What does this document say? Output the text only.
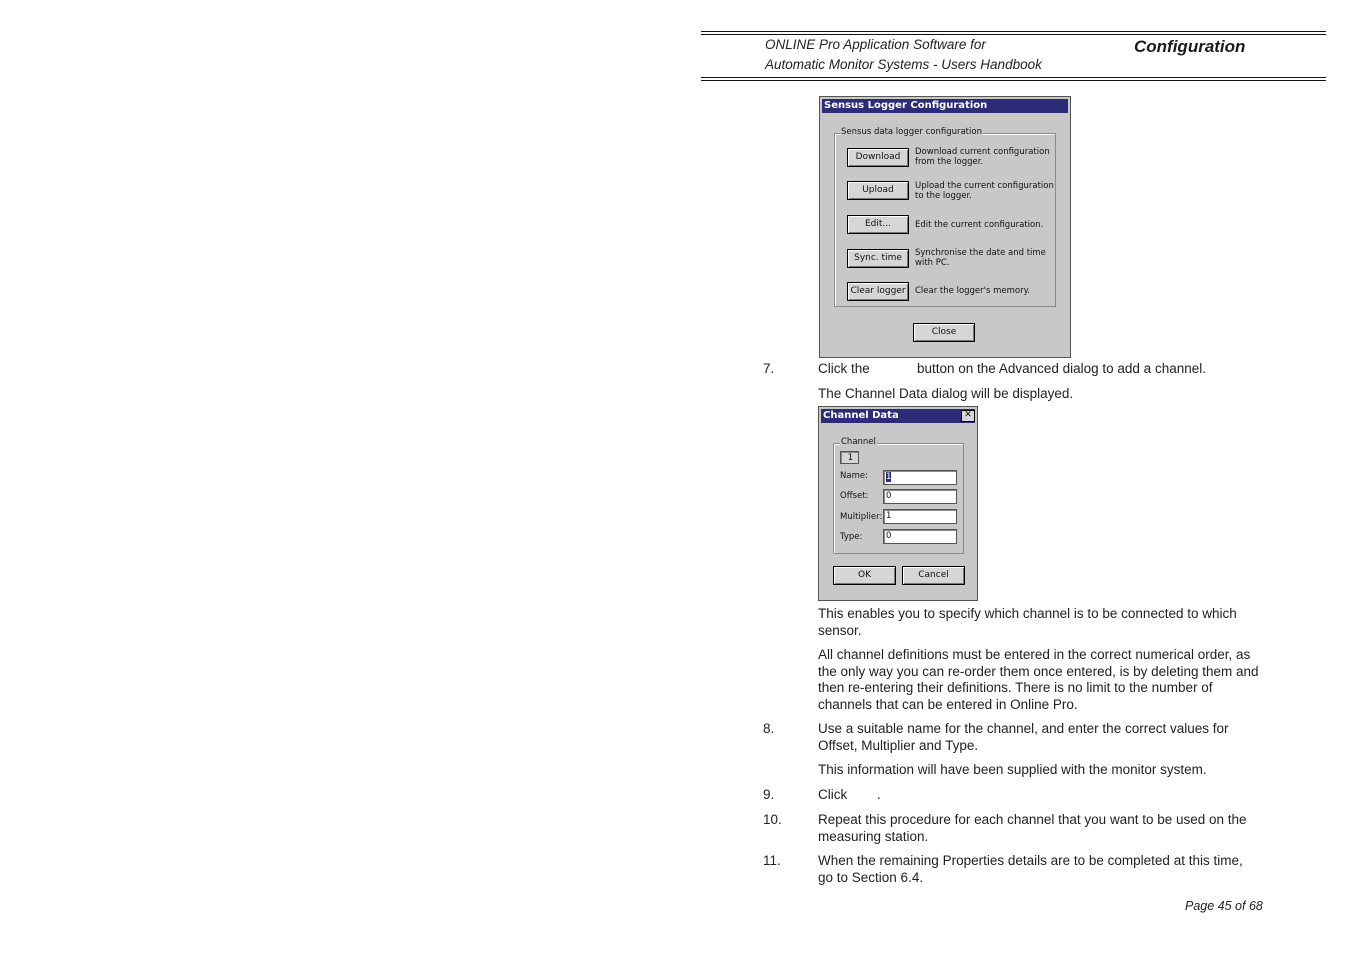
ONLINE Pro Application Software for
Automatic Monitor Systems - Users Handbook
Configuration
Sensus Logger Configuration
Sensus data logger configuration
Download	Download current configuration
from the logger.
Upload	Upload the current configuration
to the logger.
Edit...	Edit the current configuration.
Sync. time	Synchronise the date and time
with PC.
Clear logger	Clear the logger's memory.
Close
7.	Click the	button on the Advanced dialog to add a channel.
The Channel Data dialog will be displayed.
Channel Data	✕
Channel
1
Name:	1
Offset:	0
Multiplier: 1
Type:	0
OK	Cancel
This enables you to specify which channel is to be connected to which sensor.
All channel definitions must be entered in the correct numerical order, as the only way you can re-order them once entered, is by deleting them and then re-entering their definitions. There is no limit to the number of channels that can be entered in Online Pro.
8.	Use a suitable name for the channel, and enter the correct values for Offset, Multiplier and Type.
This information will have been supplied with the monitor system.
9.	Click	.
10.	Repeat this procedure for each channel that you want to be used on the measuring station.
11.	When the remaining Properties details are to be completed at this time, go to Section 6.4.
Page 45 of 68
